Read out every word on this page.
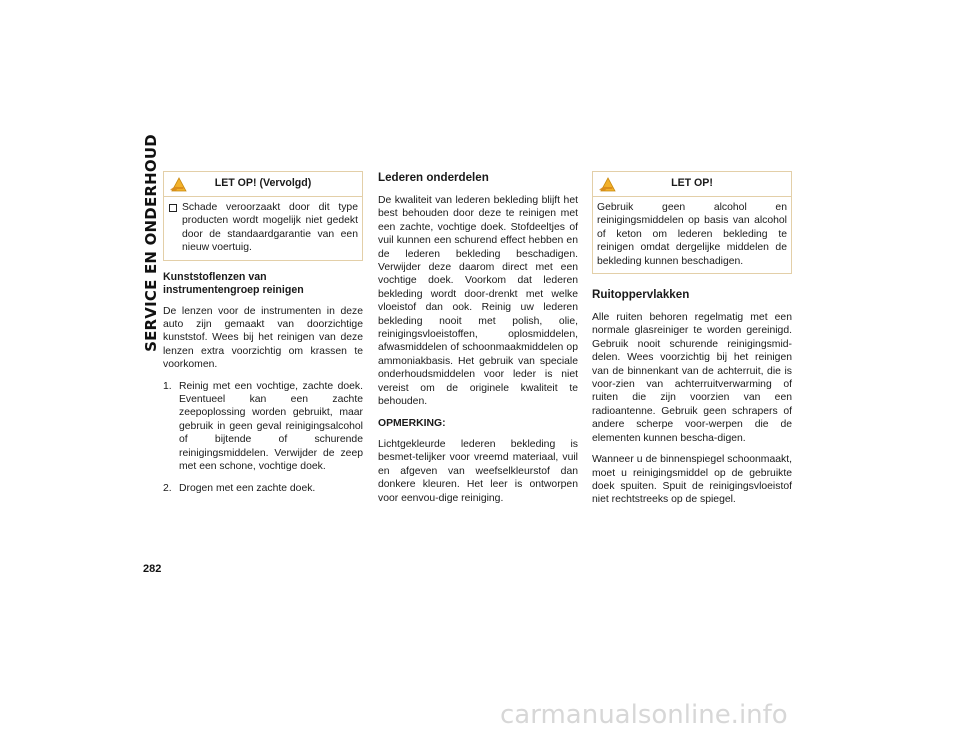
SERVICE EN ONDERHOUD	LET OP! (Vervolgd)
Schade veroorzaakt door dit type producten wordt mogelijk niet gedekt door de standaardgarantie van een nieuw voertuig.
Kunststoflenzen van instrumentengroep reinigen

De lenzen voor de instrumenten in deze auto zijn gemaakt van doorzichtige kunststof. Wees bij het reinigen van deze lenzen extra voorzichtig om krassen te voorkomen.

1. Reinig met een vochtige, zachte doek. Eventueel kan een zachte zeepoplossing worden gebruikt, maar gebruik in geen geval reinigingsalcohol of bijtende of schurende reinigingsmiddelen. Verwijder de zeep met een schone, vochtige doek.
2. Drogen met een zachte doek.
Lederen onderdelen

De kwaliteit van lederen bekleding blijft het best behouden door deze te reinigen met een zachte, vochtige doek. Stofdeeltjes of vuil kunnen een schurend effect hebben en de lederen bekleding beschadigen. Verwijder deze daarom direct met een vochtige doek. Voorkom dat lederen bekleding wordt door-drenkt met welke vloeistof dan ook. Reinig uw lederen bekleding nooit met polish, olie, reinigingsvloeistoffen, oplosmiddelen, afwasmiddelen of schoonmaakmiddelen op ammoniakbasis. Het gebruik van speciale onderhoudsmiddelen voor leder is niet vereist om de originele kwaliteit te behouden.

OPMERKING:

Lichtgekleurde lederen bekleding is besmet-telijker voor vreemd materiaal, vuil en afgeven van weefselkleurstof dan donkere kleuren. Het leer is ontworpen voor eenvou-dige reiniging.

LET OP!
Gebruik geen alcohol en reinigingsmiddelen op basis van alcohol of keton om lederen bekleding te reinigen omdat dergelijke middelen de bekleding kunnen beschadigen.
Ruitoppervlakken

Alle ruiten behoren regelmatig met een normale glasreiniger te worden gereinigd. Gebruik nooit schurende reinigingsmid-delen. Wees voorzichtig bij het reinigen van de binnenkant van de achterruit, die is voor-zien van achterruitverwarming of ruiten die zijn voorzien van een radioantenne. Gebruik geen schrapers of andere scherpe voor-werpen die de elementen kunnen bescha-digen.

Wanneer u de binnenspiegel schoonmaakt, moet u reinigingsmiddel op de gebruikte doek spuiten. Spuit de reinigingsvloeistof niet rechtstreeks op de spiegel.

282
carmanualsonline.info
